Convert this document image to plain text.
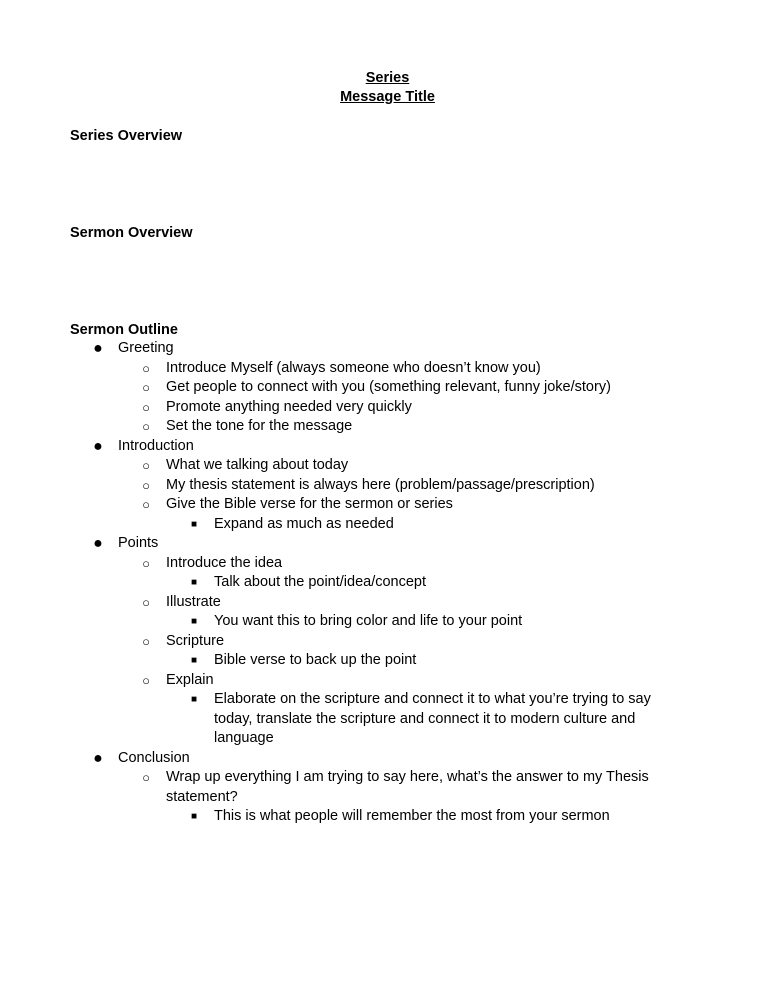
Series
Message Title
Series Overview
Sermon Overview
Sermon Outline
● Greeting
○ Introduce Myself (always someone who doesn’t know you)
○ Get people to connect with you (something relevant, funny joke/story)
○ Promote anything needed very quickly
○ Set the tone for the message
● Introduction
○ What we talking about today
○ My thesis statement is always here (problem/passage/prescription)
○ Give the Bible verse for the sermon or series
■ Expand as much as needed
● Points
○ Introduce the idea
■ Talk about the point/idea/concept
○ Illustrate
■ You want this to bring color and life to your point
○ Scripture
■ Bible verse to back up the point
○ Explain
■ Elaborate on the scripture and connect it to what you’re trying to say today, translate the scripture and connect it to modern culture and language
● Conclusion
○ Wrap up everything I am trying to say here, what’s the answer to my Thesis statement?
■ This is what people will remember the most from your sermon
